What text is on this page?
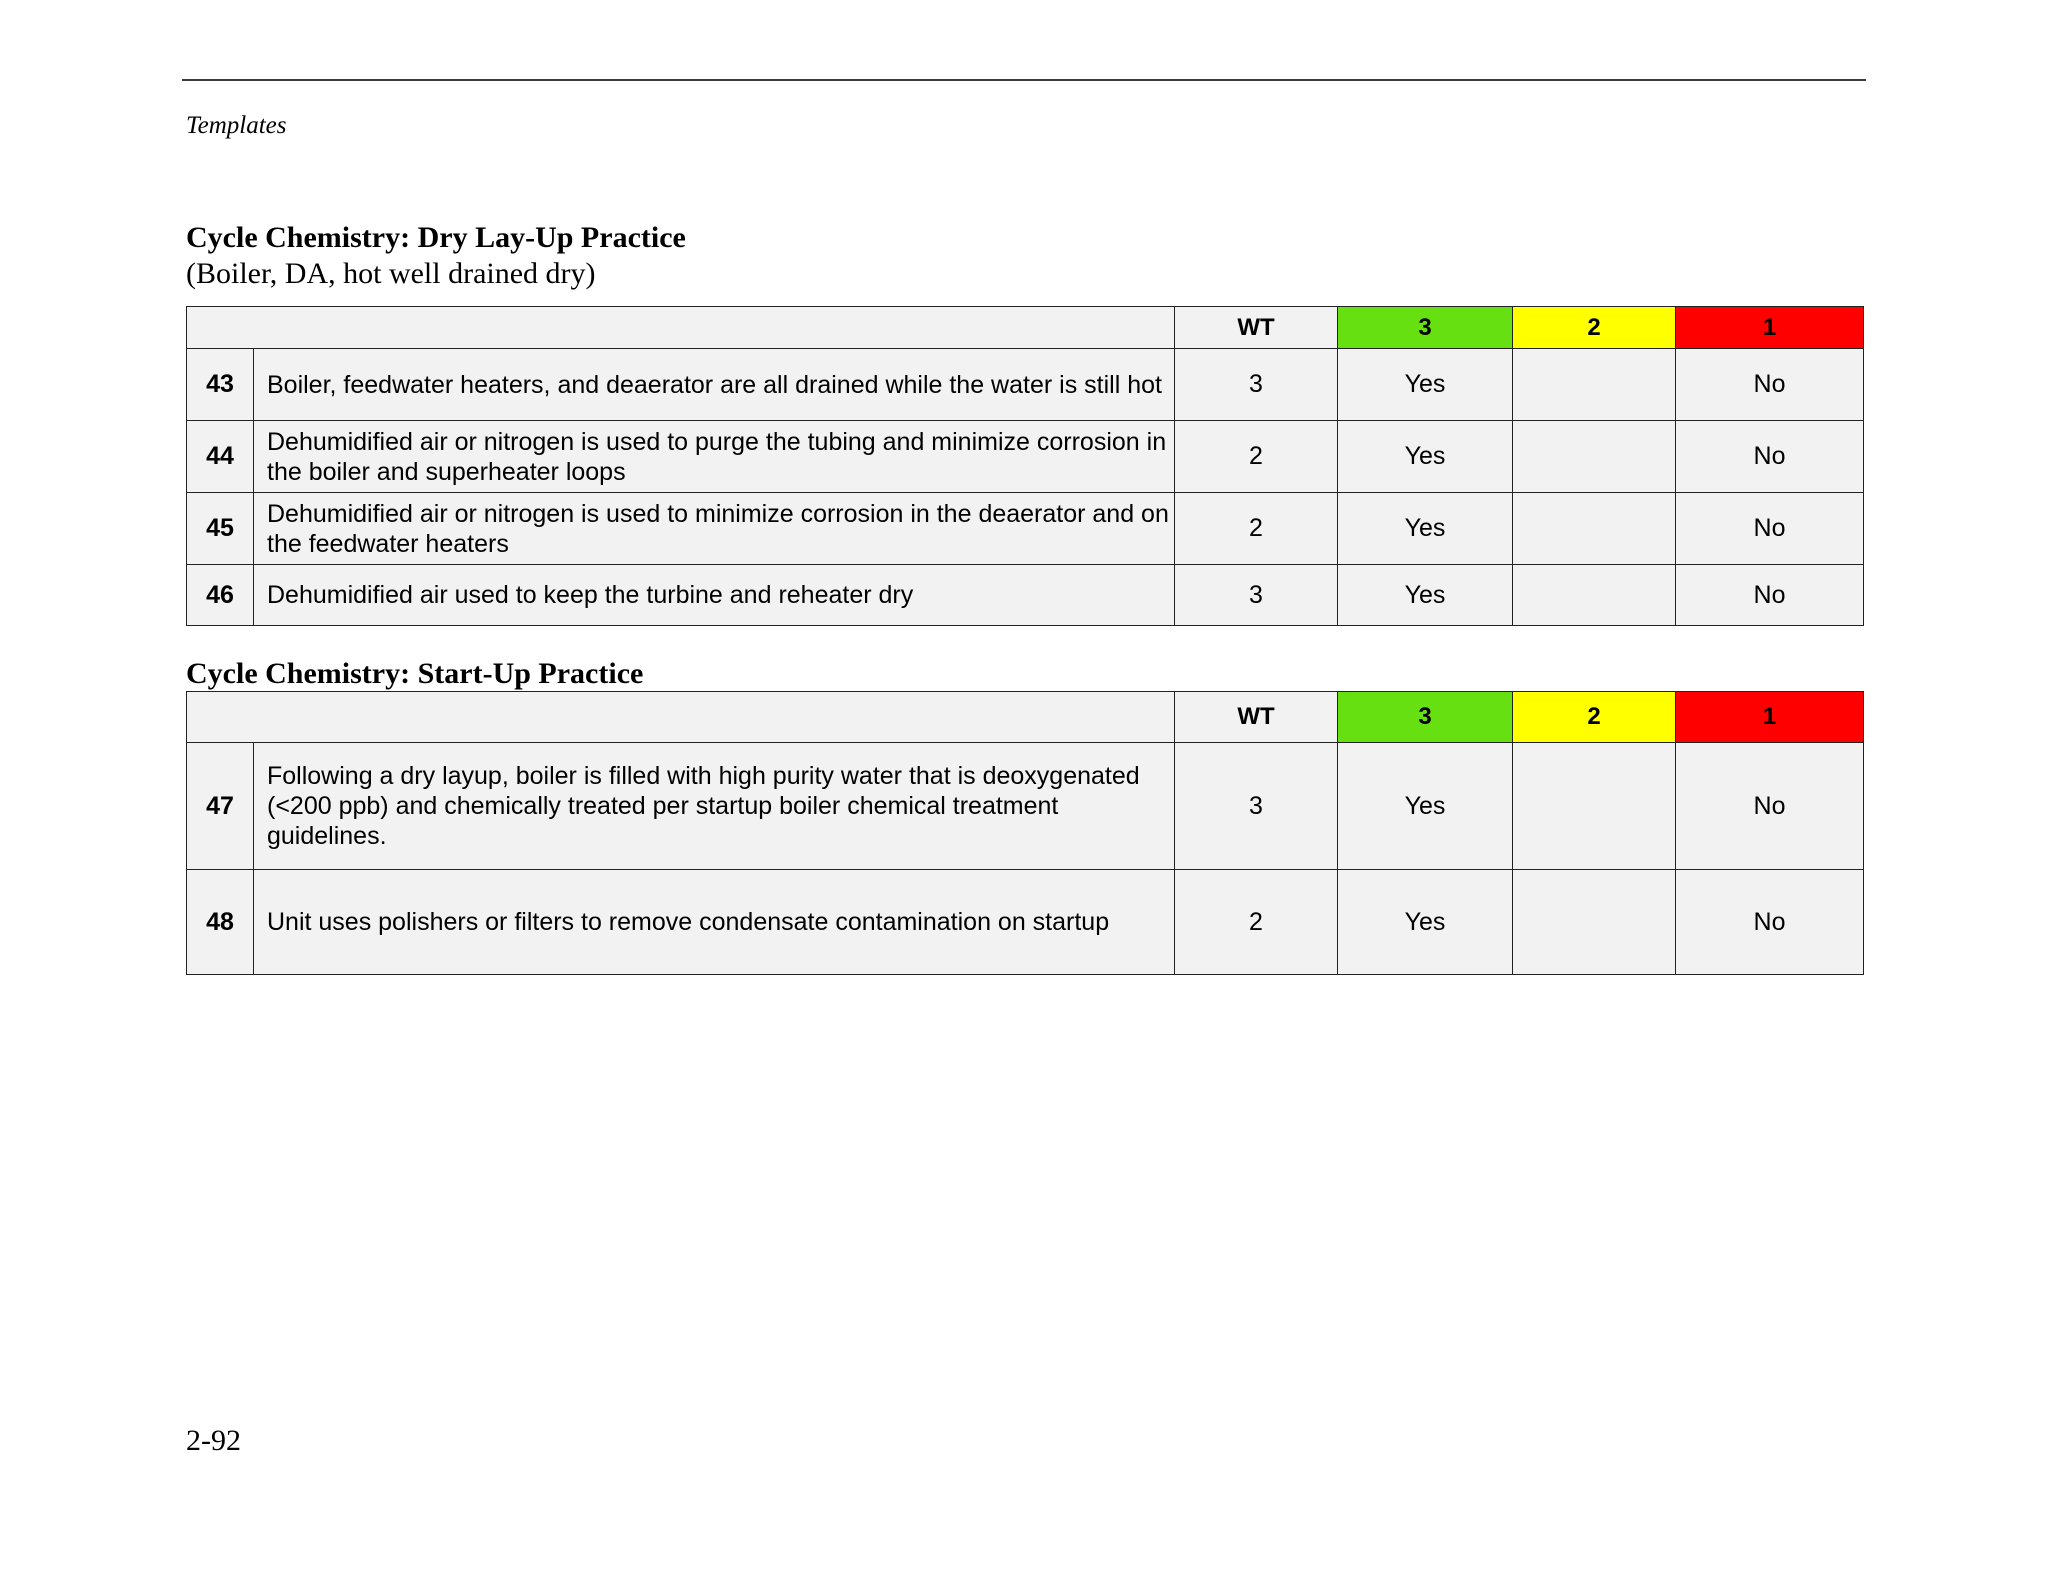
Templates
Cycle Chemistry: Dry Lay-Up Practice
(Boiler, DA, hot well drained dry)
		WT	3	2	1
43	Boiler, feedwater heaters, and deaerator are all drained while the water is still hot	3	Yes		No
44	Dehumidified air or nitrogen is used to purge the tubing and minimize corrosion in the boiler and superheater loops	2	Yes		No
45	Dehumidified air or nitrogen is used to minimize corrosion in the deaerator and on the feedwater heaters	2	Yes		No
46	Dehumidified air used to keep the turbine and reheater dry	3	Yes		No
Cycle Chemistry: Start-Up Practice
		WT	3	2	1
47	Following a dry layup, boiler is filled with high purity water that is deoxygenated (<200 ppb) and chemically treated per startup boiler chemical treatment guidelines.	3	Yes		No
48	Unit uses polishers or filters to remove condensate contamination on startup	2	Yes		No
2-92
